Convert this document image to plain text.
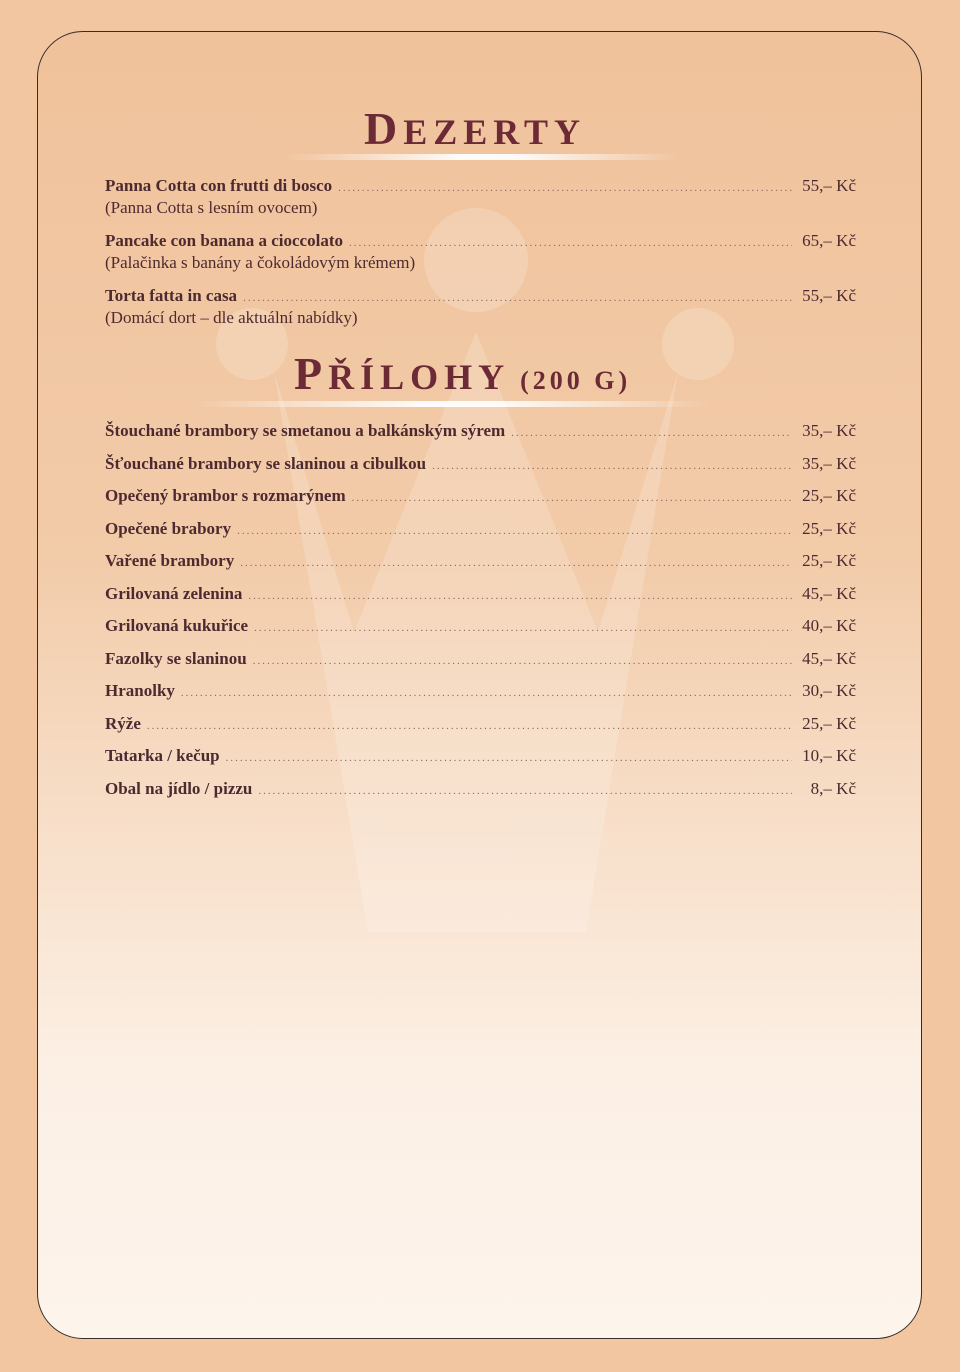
DEZERTY
Panna Cotta con frutti di bosco .....	55,– Kč
(Panna Cotta s lesním ovocem)
Pancake con banana a cioccolato .....	65,– Kč
(Palačinka s banány a čokoládovým krémem)
Torta fatta in casa .....	55,– Kč
(Domácí dort – dle aktuální nabídky)
PŘÍLOHY (200 G)
Štouchané brambory se smetanou a balkánským sýrem .....	35,– Kč
Šťouchané brambory se slaninou a cibulkou .....	35,– Kč
Opečený brambor s rozmarýnem .....	25,– Kč
Opečené brabory .....	25,– Kč
Vařené brambory .....	25,– Kč
Grilovaná zelenina .....	45,– Kč
Grilovaná kukuřice .....	40,– Kč
Fazolky se slaninou .....	45,– Kč
Hranolky .....	30,– Kč
Rýže .....	25,– Kč
Tatarka / kečup .....	10,– Kč
Obal na jídlo / pizzu .....	8,– Kč
